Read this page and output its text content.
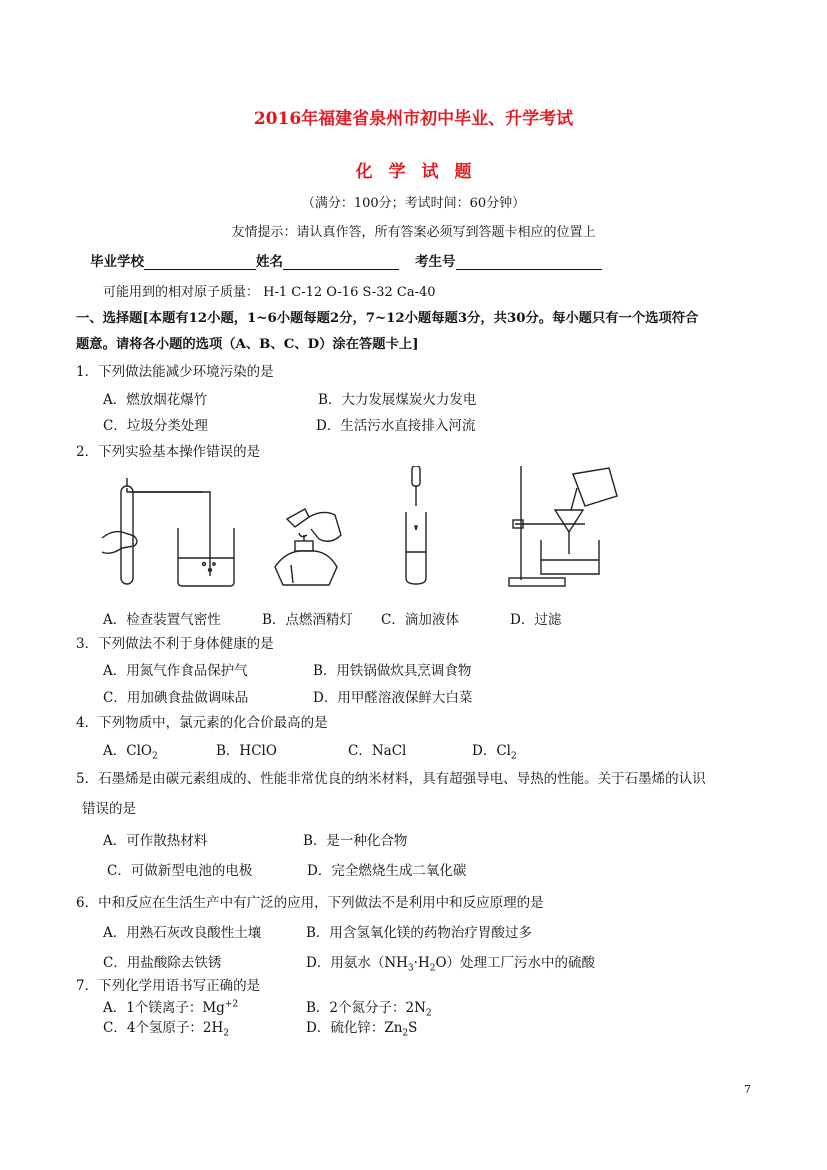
2016年福建省泉州市初中毕业、升学考试
化学试题
（满分：100分；考试时间：60分钟）
友情提示：请认真作答，所有答案必须写到答题卡相应的位置上
毕业学校	姓名	考生号
可能用到的相对原子质量： H-1 C-12 O-16 S-32 Ca-40
一、选择题[本题有12小题，1~6小题每题2分，7~12小题每题3分，共30分。每小题只有一个选项符合
题意。请将各小题的选项（A、B、C、D）涂在答题卡上]
1．下列做法能减少环境污染的是
A．燃放烟花爆竹	B．大力发展煤炭火力发电
C．垃圾分类处理	D．生活污水直接排入河流
2．下列实验基本操作错误的是
A．检查装置气密性	B．点燃酒精灯 C．滴加液体	D．过滤
3．下列做法不利于身体健康的是
A．用氮气作食品保护气	B．用铁锅做炊具烹调食物
C．用加碘食盐做调味品	D．用甲醛溶液保鲜大白菜
4．下列物质中，氯元素的化合价最高的是
A．ClO$_2$	B．HClO	C．NaCl	D．$Cl_2$
5．石墨烯是由碳元素组成的、性能非常优良的纳米材料，具有超强导电、导热的性能。关于石墨烯的认识
错误的是
A．可作散热材料	B．是一种化合物
C．可做新型电池的电极	D．完全燃烧生成二氧化碳
6．中和反应在生活生产中有广泛的应用，下列做法不是利用中和反应原理的是
A．用熟石灰改良酸性土壤	B．用含氢氧化镁的药物治疗胃酸过多
C．用盐酸除去铁锈	D．用氨水$(NH_3\cdot H_2O)$处理工厂污水中的硫酸
7．下列化学用语书写正确的是
A．1个镁离子：$Mg^{+2}$	B．2个氮分子：$2N_2$
C．4个氢原子：$2H_2$	D．硫化锌：$Zn_2S$
7
